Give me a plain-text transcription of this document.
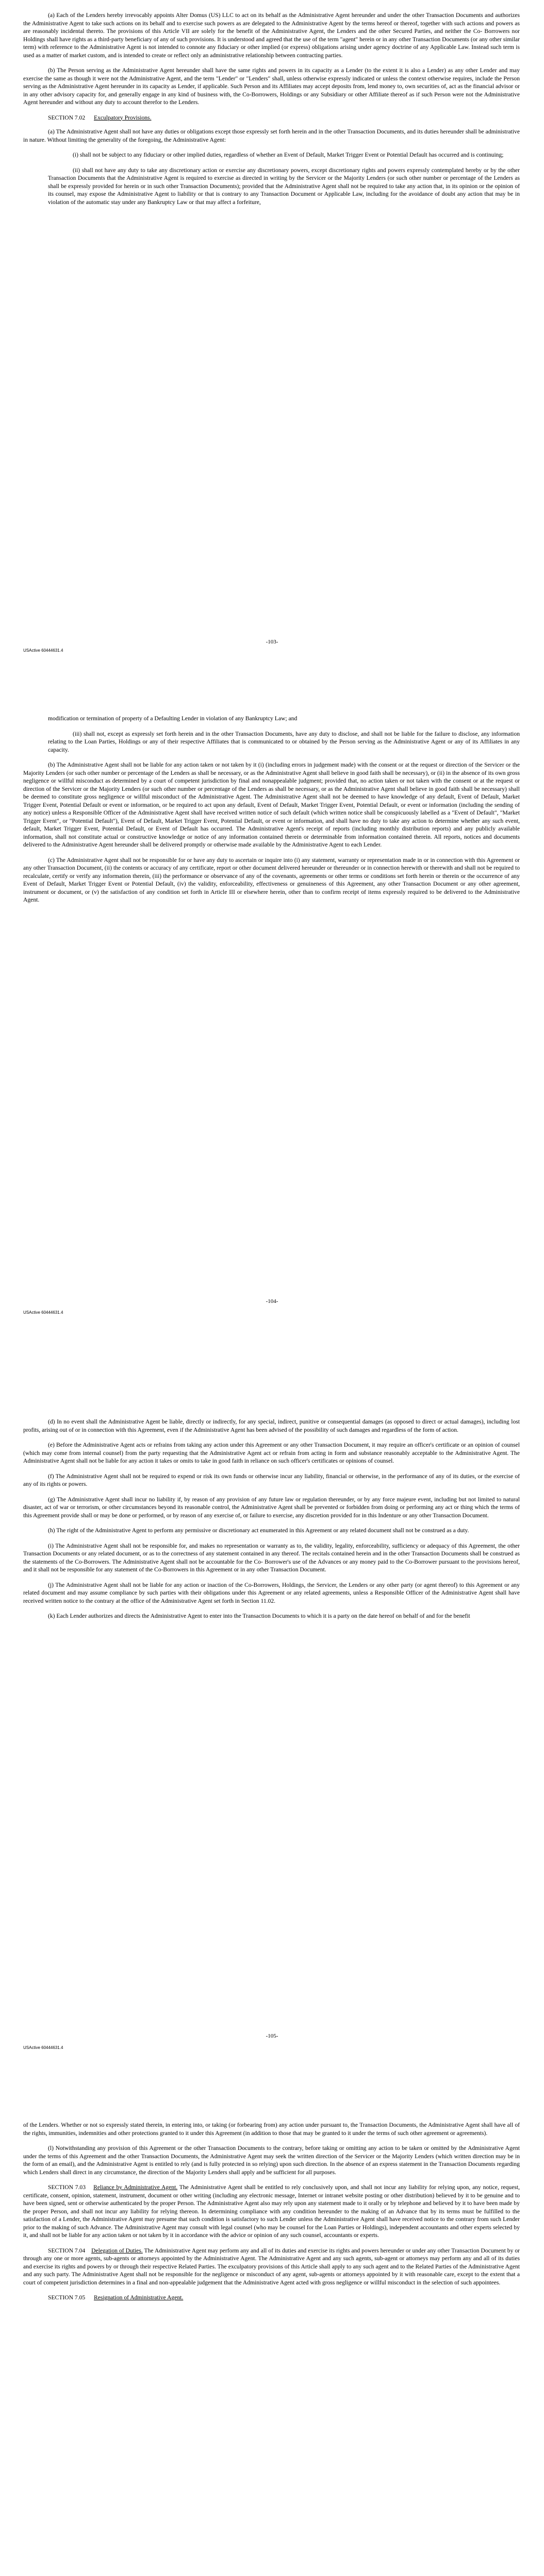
(a) Each of the Lenders hereby irrevocably appoints Alter Domus (US) LLC to act on its behalf as the Administrative Agent hereunder and under the other Transaction Documents and authorizes the Administrative Agent to take such actions on its behalf and to exercise such powers as are delegated to the Administrative Agent by the terms hereof or thereof, together with such actions and powers as are reasonably incidental thereto. The provisions of this Article VII are solely for the benefit of the Administrative Agent, the Lenders and the other Secured Parties, and neither the Co- Borrowers nor Holdings shall have rights as a third-party beneficiary of any of such provisions. It is understood and agreed that the use of the term "agent" herein or in any other Transaction Documents (or any other similar term) with reference to the Administrative Agent is not intended to connote any fiduciary or other implied (or express) obligations arising under agency doctrine of any Applicable Law. Instead such term is used as a matter of market custom, and is intended to create or reflect only an administrative relationship between contracting parties.

(b) The Person serving as the Administrative Agent hereunder shall have the same rights and powers in its capacity as a Lender (to the extent it is also a Lender) as any other Lender and may exercise the same as though it were not the Administrative Agent, and the term "Lender" or "Lenders" shall, unless otherwise expressly indicated or unless the context otherwise requires, include the Person serving as the Administrative Agent hereunder in its capacity as Lender, if applicable. Such Person and its Affiliates may accept deposits from, lend money to, own securities of, act as the financial advisor or in any other advisory capacity for, and generally engage in any kind of business with, the Co-Borrowers, Holdings or any Subsidiary or other Affiliate thereof as if such Person were not the Administrative Agent hereunder and without any duty to account therefor to the Lenders.

SECTION 7.02 Exculpatory Provisions.

(a) The Administrative Agent shall not have any duties or obligations except those expressly set forth herein and in the other Transaction Documents, and its duties hereunder shall be administrative in nature. Without limiting the generality of the foregoing, the Administrative Agent:

(i) shall not be subject to any fiduciary or other implied duties, regardless of whether an Event of Default, Market Trigger Event or Potential Default has occurred and is continuing;

(ii) shall not have any duty to take any discretionary action or exercise any discretionary powers, except discretionary rights and powers expressly contemplated hereby or by the other Transaction Documents that the Administrative Agent is required to exercise as directed in writing by the Servicer or the Majority Lenders (or such other number or percentage of the Lenders as shall be expressly provided for herein or in such other Transaction Documents); provided that the Administrative Agent shall not be required to take any action that, in its opinion or the opinion of its counsel, may expose the Administrative Agent to liability or that is contrary to any Transaction Document or Applicable Law, including for the avoidance of doubt any action that may be in violation of the automatic stay under any Bankruptcy Law or that may affect a forfeiture,

-103-
USActive 60444631.4

modification or termination of property of a Defaulting Lender in violation of any Bankruptcy Law; and

(iii) shall not, except as expressly set forth herein and in the other Transaction Documents, have any duty to disclose, and shall not be liable for the failure to disclose, any information relating to the Loan Parties, Holdings or any of their respective Affiliates that is communicated to or obtained by the Person serving as the Administrative Agent or any of its Affiliates in any capacity.

(b) The Administrative Agent shall not be liable for any action taken or not taken by it (i) (including errors in judgement made) with the consent or at the request or direction of the Servicer or the Majority Lenders (or such other number or percentage of the Lenders as shall be necessary, or as the Administrative Agent shall believe in good faith shall be necessary), or (ii) in the absence of its own gross negligence or willful misconduct as determined by a court of competent jurisdiction by final and nonappealable judgment; provided that, no action taken or not taken with the consent or at the request or direction of the Servicer or the Majority Lenders (or such other number or percentage of the Lenders as shall be necessary, or as the Administrative Agent shall believe in good faith shall be necessary) shall be deemed to constitute gross negligence or willful misconduct of the Administrative Agent. The Administrative Agent shall not be deemed to have knowledge of any default, Event of Default, Market Trigger Event, Potential Default or event or information, or be required to act upon any default, Event of Default, Market Trigger Event, Potential Default, or event or information (including the sending of any notice) unless a Responsible Officer of the Administrative Agent shall have received written notice of such default (which written notice shall be conspicuously labelled as a "Event of Default", "Market Trigger Event", or "Potential Default"), Event of Default, Market Trigger Event, Potential Default, or event or information, and shall have no duty to take any action to determine whether any such event, default, Market Trigger Event, Potential Default, or Event of Default has occurred. The Administrative Agent's receipt of reports (including monthly distribution reports) and any publicly available information, shall not constitute actual or constructive knowledge or notice of any information contained therein or determinable from information contained therein. All reports, notices and documents delivered to the Administrative Agent hereunder shall be delivered promptly or otherwise made available by the Administrative Agent to each Lender.

(c) The Administrative Agent shall not be responsible for or have any duty to ascertain or inquire into (i) any statement, warranty or representation made in or in connection with this Agreement or any other Transaction Document, (ii) the contents or accuracy of any certificate, report or other document delivered hereunder or thereunder or in connection herewith or therewith and shall not be required to recalculate, certify or verify any information therein, (iii) the performance or observance of any of the covenants, agreements or other terms or conditions set forth herein or therein or the occurrence of any Event of Default, Market Trigger Event or Potential Default, (iv) the validity, enforceability, effectiveness or genuineness of this Agreement, any other Transaction Document or any other agreement, instrument or document, or (v) the satisfaction of any condition set forth in Article III or elsewhere herein, other than to confirm receipt of items expressly required to be delivered to the Administrative Agent.

-104-
USActive 60444631.4

(d) In no event shall the Administrative Agent be liable, directly or indirectly, for any special, indirect, punitive or consequential damages (as opposed to direct or actual damages), including lost profits, arising out of or in connection with this Agreement, even if the Administrative Agent has been advised of the possibility of such damages and regardless of the form of action.

(e) Before the Administrative Agent acts or refrains from taking any action under this Agreement or any other Transaction Document, it may require an officer's certificate or an opinion of counsel (which may come from internal counsel) from the party requesting that the Administrative Agent act or refrain from acting in form and substance reasonably acceptable to the Administrative Agent. The Administrative Agent shall not be liable for any action it takes or omits to take in good faith in reliance on such officer's certificates or opinions of counsel.

(f) The Administrative Agent shall not be required to expend or risk its own funds or otherwise incur any liability, financial or otherwise, in the performance of any of its duties, or the exercise of any of its rights or powers.

(g) The Administrative Agent shall incur no liability if, by reason of any provision of any future law or regulation thereunder, or by any force majeure event, including but not limited to natural disaster, act of war or terrorism, or other circumstances beyond its reasonable control, the Administrative Agent shall be prevented or forbidden from doing or performing any act or thing which the terms of this Agreement provide shall or may be done or performed, or by reason of any exercise of, or failure to exercise, any discretion provided for in this Indenture or any other Transaction Document.

(h) The right of the Administrative Agent to perform any permissive or discretionary act enumerated in this Agreement or any related document shall not be construed as a duty.

(i) The Administrative Agent shall not be responsible for, and makes no representation or warranty as to, the validity, legality, enforceability, sufficiency or adequacy of this Agreement, the other Transaction Documents or any related document, or as to the correctness of any statement contained in any thereof. The recitals contained herein and in the other Transaction Documents shall be construed as the statements of the Co-Borrowers. The Administrative Agent shall not be accountable for the Co- Borrower's use of the Advances or any money paid to the Co-Borrower pursuant to the provisions hereof, and it shall not be responsible for any statement of the Co-Borrowers in this Agreement or in any other Transaction Document.

(j) The Administrative Agent shall not be liable for any action or inaction of the Co-Borrowers, Holdings, the Servicer, the Lenders or any other party (or agent thereof) to this Agreement or any related document and may assume compliance by such parties with their obligations under this Agreement or any related agreements, unless a Responsible Officer of the Administrative Agent shall have received written notice to the contrary at the office of the Administrative Agent set forth in Section 11.02.

(k) Each Lender authorizes and directs the Administrative Agent to enter into the Transaction Documents to which it is a party on the date hereof on behalf of and for the benefit

-105-
USActive 60444631.4

of the Lenders. Whether or not so expressly stated therein, in entering into, or taking (or forbearing from) any action under pursuant to, the Transaction Documents, the Administrative Agent shall have all of the rights, immunities, indemnities and other protections granted to it under this Agreement (in addition to those that may be granted to it under the terms of such other agreement or agreements).

(l) Notwithstanding any provision of this Agreement or the other Transaction Documents to the contrary, before taking or omitting any action to be taken or omitted by the Administrative Agent under the terms of this Agreement and the other Transaction Documents, the Administrative Agent may seek the written direction of the Servicer or the Majority Lenders (which written direction may be in the form of an email), and the Administrative Agent is entitled to rely (and is fully protected in so relying) upon such direction. In the absence of an express statement in the Transaction Documents regarding which Lenders shall direct in any circumstance, the direction of the Majority Lenders shall apply and be sufficient for all purposes.

SECTION 7.03 Reliance by Administrative Agent. The Administrative Agent shall be entitled to rely conclusively upon, and shall not incur any liability for relying upon, any notice, request, certificate, consent, opinion, statement, instrument, document or other writing (including any electronic message, Internet or intranet website posting or other distribution) believed by it to be genuine and to have been signed, sent or otherwise authenticated by the proper Person. The Administrative Agent also may rely upon any statement made to it orally or by telephone and believed by it to have been made by the proper Person, and shall not incur any liability for relying thereon. In determining compliance with any condition hereunder to the making of an Advance that by its terms must be fulfilled to the satisfaction of a Lender, the Administrative Agent may presume that such condition is satisfactory to such Lender unless the Administrative Agent shall have received notice to the contrary from such Lender prior to the making of such Advance. The Administrative Agent may consult with legal counsel (who may be counsel for the Loan Parties or Holdings), independent accountants and other experts selected by it, and shall not be liable for any action taken or not taken by it in accordance with the advice or opinion of any such counsel, accountants or experts.

SECTION 7.04 Delegation of Duties. The Administrative Agent may perform any and all of its duties and exercise its rights and powers hereunder or under any other Transaction Document by or through any one or more agents, sub-agents or attorneys appointed by the Administrative Agent. The Administrative Agent and any such agents, sub-agent or attorneys may perform any and all of its duties and exercise its rights and powers by or through their respective Related Parties. The exculpatory provisions of this Article shall apply to any such agent and to the Related Parties of the Administrative Agent and any such party. The Administrative Agent shall not be responsible for the negligence or misconduct of any agent, sub-agents or attorneys appointed by it with reasonable care, except to the extent that a court of competent jurisdiction determines in a final and non-appealable judgement that the Administrative Agent acted with gross negligence or willful misconduct in the selection of such appointees.

SECTION 7.05 Resignation of Administrative Agent.
